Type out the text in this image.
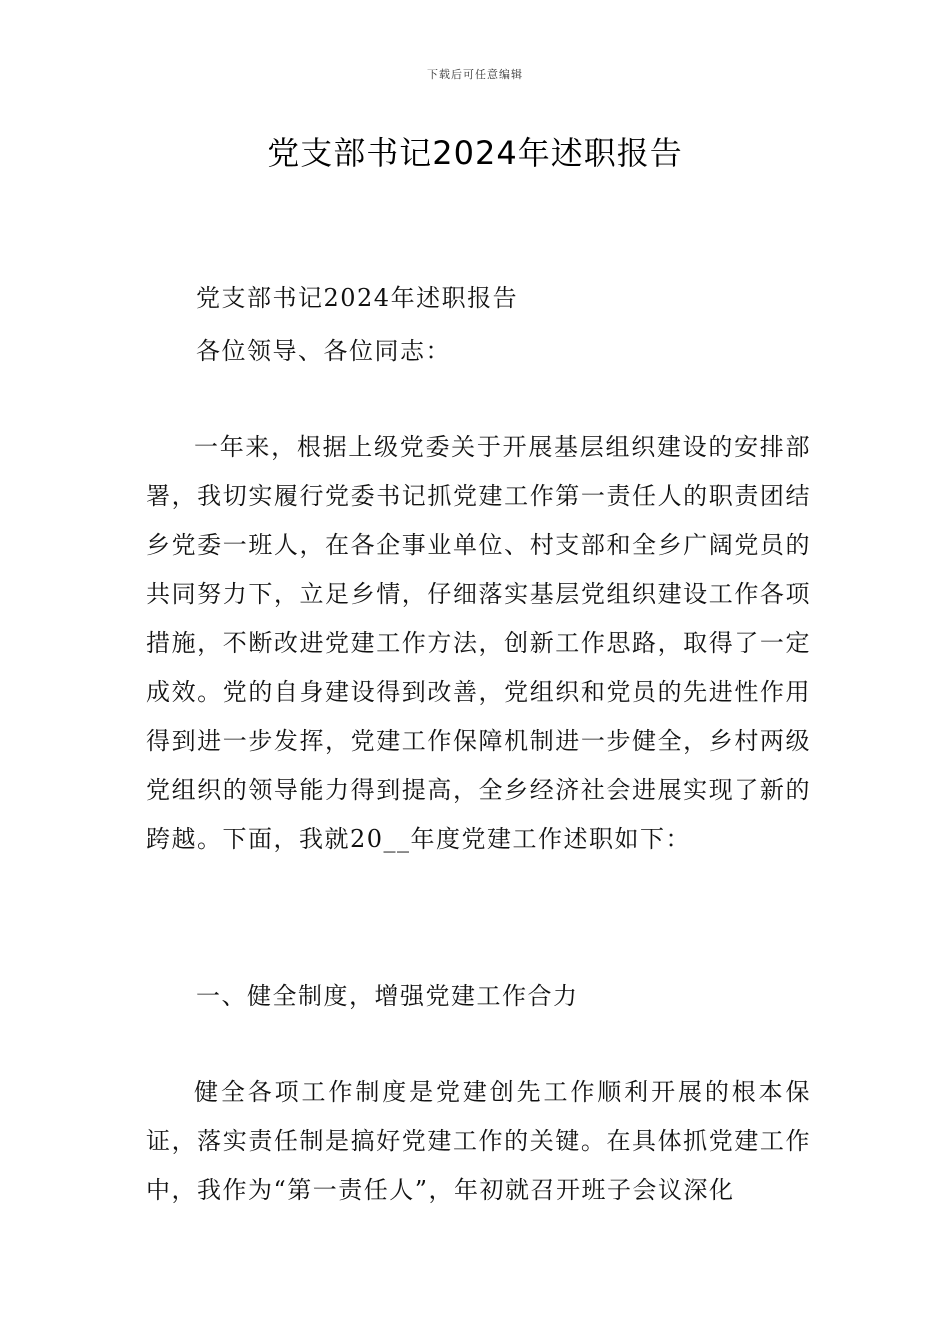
下载后可任意编辑
党支部书记2024年述职报告
党支部书记2024年述职报告
各位领导、各位同志：

一年来，根据上级党委关于开展基层组织建设的安排部署，我切实履行党委书记抓党建工作第一责任人的职责团结乡党委一班人，在各企事业单位、村支部和全乡广阔党员的共同努力下，立足乡情，仔细落实基层党组织建设工作各项措施，不断改进党建工作方法，创新工作思路，取得了一定成效。党的自身建设得到改善，党组织和党员的先进性作用得到进一步发挥，党建工作保障机制进一步健全，乡村两级党组织的领导能力得到提高，全乡经济社会进展实现了新的跨越。下面，我就20__年度党建工作述职如下：

一、健全制度，增强党建工作合力

健全各项工作制度是党建创先工作顺利开展的根本保证，落实责任制是搞好党建工作的关键。在具体抓党建工作中，我作为“第一责任人”，年初就召开班子会议深化
